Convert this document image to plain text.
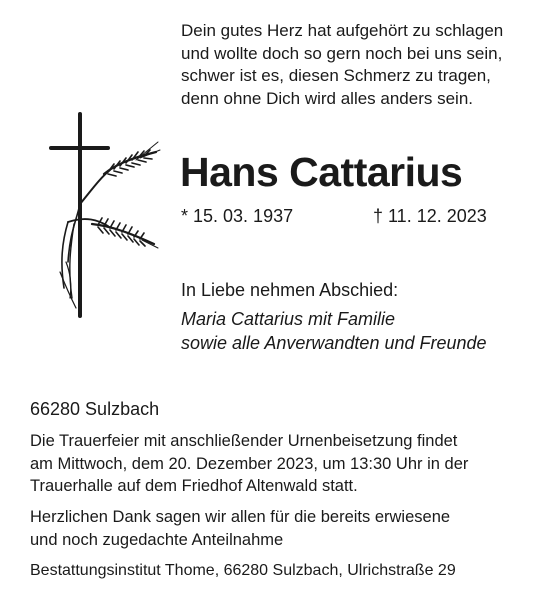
Dein gutes Herz hat aufgehört zu schlagen
und wollte doch so gern noch bei uns sein,
schwer ist es, diesen Schmerz zu tragen,
denn ohne Dich wird alles anders sein.
Hans Cattarius
* 15. 03. 1937	† 11. 12. 2023
In Liebe nehmen Abschied:
Maria Cattarius mit Familie
sowie alle Anverwandten und Freunde
66280 Sulzbach
Die Trauerfeier mit anschließender Urnenbeisetzung findet
am Mittwoch, dem 20. Dezember 2023, um 13:30 Uhr in der
Trauerhalle auf dem Friedhof Altenwald statt.
Herzlichen Dank sagen wir allen für die bereits erwiesene
und noch zugedachte Anteilnahme
Bestattungsinstitut Thome, 66280 Sulzbach, Ulrichstraße 29
